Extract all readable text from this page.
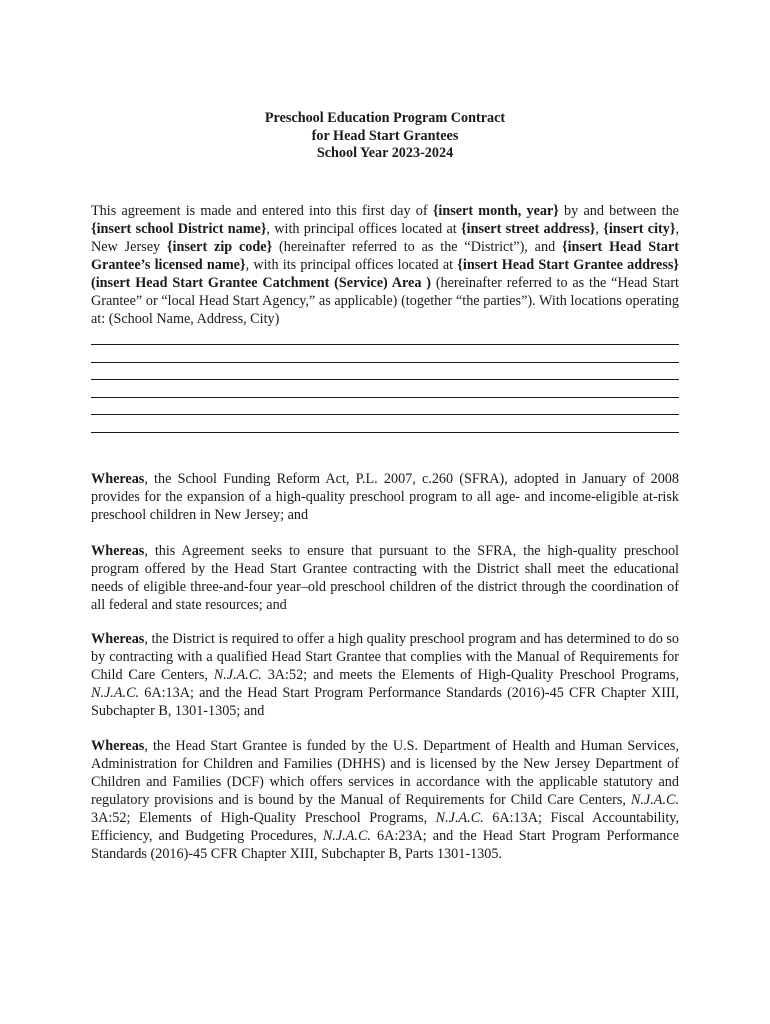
Preschool Education Program Contract
for Head Start Grantees
School Year 2023-2024
This agreement is made and entered into this first day of {insert month, year} by and between the {insert school District name}, with principal offices located at {insert street address}, {insert city}, New Jersey {insert zip code} (hereinafter referred to as the “District”), and {insert Head Start Grantee’s licensed name}, with its principal offices located at {insert Head Start Grantee address} (insert Head Start Grantee Catchment (Service) Area ) (hereinafter referred to as the “Head Start Grantee” or “local Head Start Agency,” as applicable) (together “the parties”). With locations operating at: (School Name, Address, City)
Whereas, the School Funding Reform Act, P.L. 2007, c.260 (SFRA), adopted in January of 2008 provides for the expansion of a high-quality preschool program to all age- and income-eligible at-risk preschool children in New Jersey; and
Whereas, this Agreement seeks to ensure that pursuant to the SFRA, the high-quality preschool program offered by the Head Start Grantee contracting with the District shall meet the educational needs of eligible three-and-four year–old preschool children of the district through the coordination of all federal and state resources; and
Whereas, the District is required to offer a high quality preschool program and has determined to do so by contracting with a qualified Head Start Grantee that complies with the Manual of Requirements for Child Care Centers, N.J.A.C. 3A:52; and meets the Elements of High-Quality Preschool Programs, N.J.A.C. 6A:13A; and the Head Start Program Performance Standards (2016)-45 CFR Chapter XIII, Subchapter B, 1301-1305; and
Whereas, the Head Start Grantee is funded by the U.S. Department of Health and Human Services, Administration for Children and Families (DHHS) and is licensed by the New Jersey Department of Children and Families (DCF) which offers services in accordance with the applicable statutory and regulatory provisions and is bound by the Manual of Requirements for Child Care Centers, N.J.A.C. 3A:52; Elements of High-Quality Preschool Programs, N.J.A.C. 6A:13A; Fiscal Accountability, Efficiency, and Budgeting Procedures, N.J.A.C. 6A:23A; and the Head Start Program Performance Standards (2016)-45 CFR Chapter XIII, Subchapter B, Parts 1301-1305.
